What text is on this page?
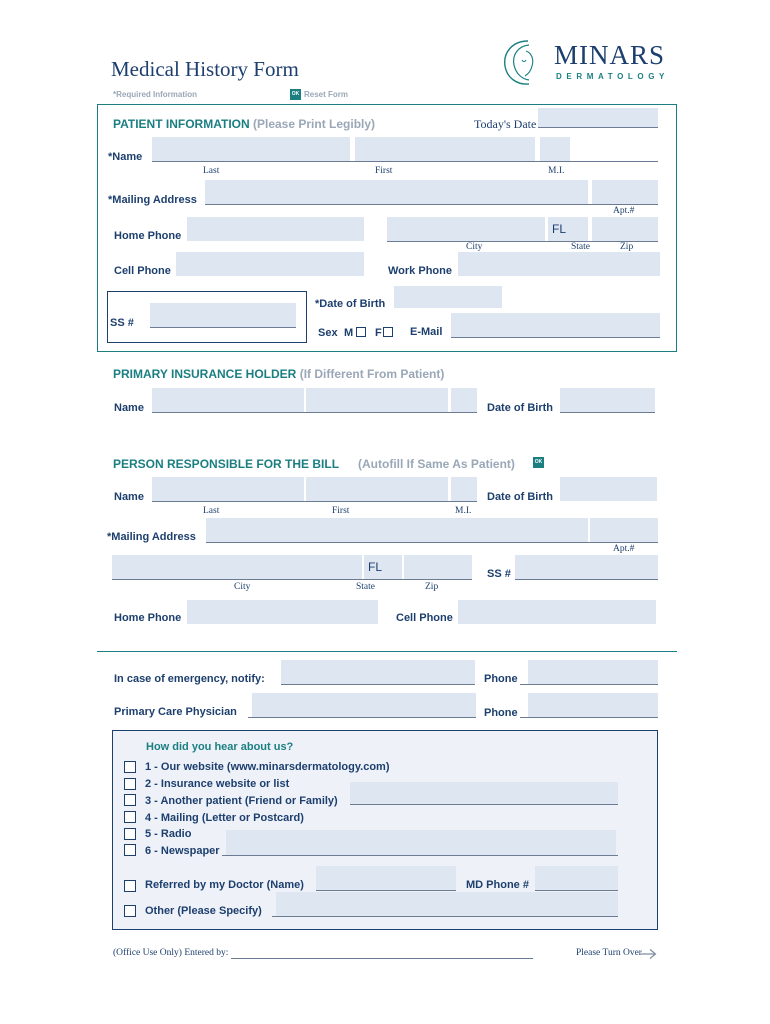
Medical History Form
*Required Information	OK Reset Form
MINARS
DERMATOLOGY
PATIENT INFORMATION (Please Print Legibly)	Today's Date
*Name
Last	First	M.I.
*Mailing Address
Apt.#
Home Phone
FL
City	State	Zip
Cell Phone	Work Phone
SS #
*Date of Birth
Sex M F	E-Mail
PRIMARY INSURANCE HOLDER (If Different From Patient)
Name	Date of Birth
PERSON RESPONSIBLE FOR THE BILL (Autofill If Same As Patient)	OK
Name	Date of Birth
Last	First	M.I.
*Mailing Address
Apt.#
FL
City	State	Zip
SS #
Home Phone	Cell Phone
In case of emergency, notify:	Phone
Primary Care Physician	Phone
How did you hear about us?
1 - Our website (www.minarsdermatology.com)
2 - Insurance website or list
3 - Another patient (Friend or Family)
4 - Mailing (Letter or Postcard)
5 - Radio
6 - Newspaper
Referred by my Doctor (Name)	MD Phone #
Other (Please Specify)
(Office Use Only) Entered by:	Please Turn Over
